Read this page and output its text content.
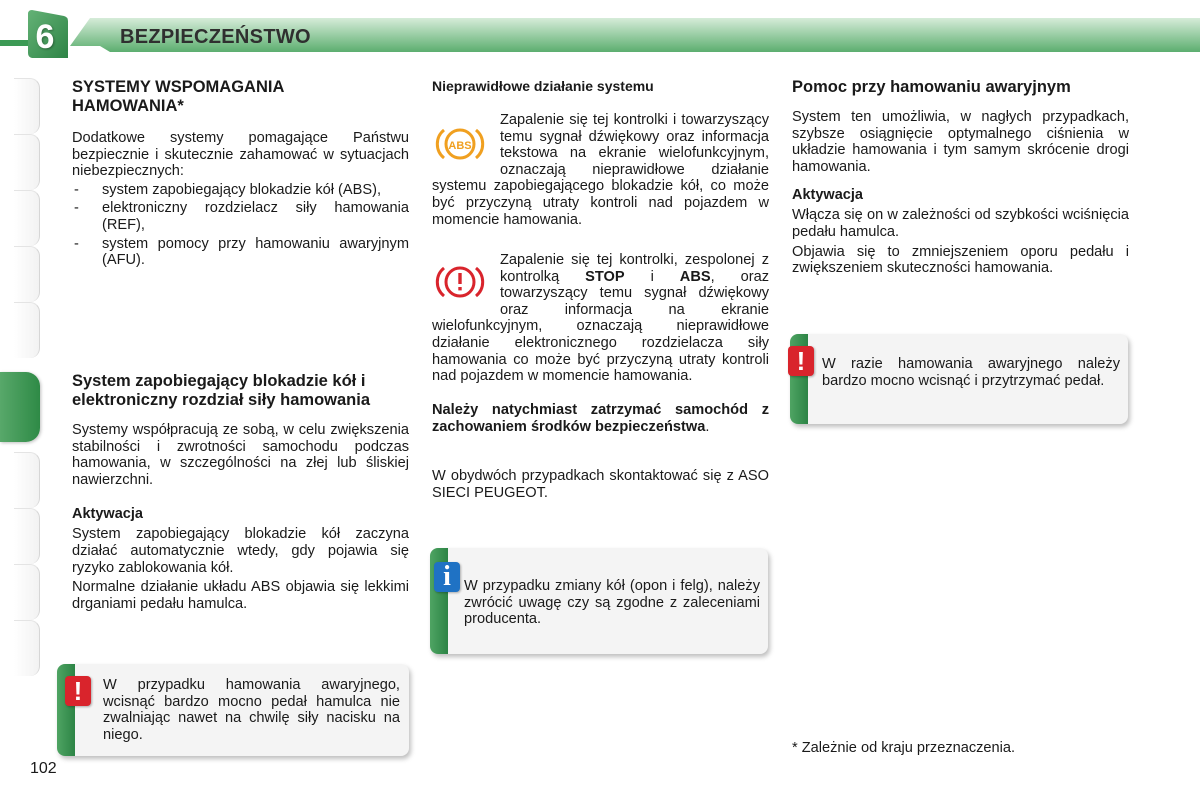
6	BEZPIECZEŃSTWO
SYSTEMY WSPOMAGANIA HAMOWANIA*
Dodatkowe systemy pomagające Państwu bezpiecznie i skutecznie zahamować w sytuacjach niebezpiecznych:
- system zapobiegający blokadzie kół (ABS),
- elektroniczny rozdzielacz siły hamowania (REF),
- system pomocy przy hamowaniu awaryjnym (AFU).
System zapobiegający blokadzie kół i elektroniczny rozdział siły hamowania
Systemy współpracują ze sobą, w celu zwiększenia stabilności i zwrotności samochodu podczas hamowania, w szczególności na złej lub śliskiej nawierzchni.
Aktywacja
System zapobiegający blokadzie kół zaczyna działać automatycznie wtedy, gdy pojawia się ryzyko zablokowania kół.
Normalne działanie układu ABS objawia się lekkimi drganiami pedału hamulca.
!	W przypadku hamowania awaryjnego, wcisnąć bardzo mocno pedał hamulca nie zwalniając nawet na chwilę siły nacisku na niego.
Nieprawidłowe działanie systemu
ABS
Zapalenie się tej kontrolki i towarzyszący temu sygnał dźwiękowy oraz informacja tekstowa na ekranie wielofunkcyjnym, oznaczają nieprawidłowe działanie systemu zapobiegającego blokadzie kół, co może być przyczyną utraty kontroli nad pojazdem w momencie hamowania.
Zapalenie się tej kontrolki, zespolonej z kontrolką STOP i ABS, oraz towarzyszący temu sygnał dźwiękowy oraz informacja na ekranie wielofunkcyjnym, oznaczają nieprawidłowe działanie elektronicznego rozdzielacza siły hamowania co może być przyczyną utraty kontroli nad pojazdem w momencie hamowania.
Należy natychmiast zatrzymać samochód z zachowaniem środków bezpieczeństwa.
W obydwóch przypadkach skontaktować się z ASO SIECI PEUGEOT.
i W przypadku zmiany kół (opon i felg), należy zwrócić uwagę czy są zgodne z zaleceniami producenta.
Pomoc przy hamowaniu awaryjnym
System ten umożliwia, w nagłych przypadkach, szybsze osiągnięcie optymalnego ciśnienia w układzie hamowania i tym samym skrócenie drogi hamowania.
Aktywacja
Włącza się on w zależności od szybkości wciśnięcia pedału hamulca.
Objawia się to zmniejszeniem oporu pedału i zwiększeniem skuteczności hamowania.
!	W razie hamowania awaryjnego należy bardzo mocno wcisnąć i przytrzymać pedał.
* Zależnie od kraju przeznaczenia.
102
